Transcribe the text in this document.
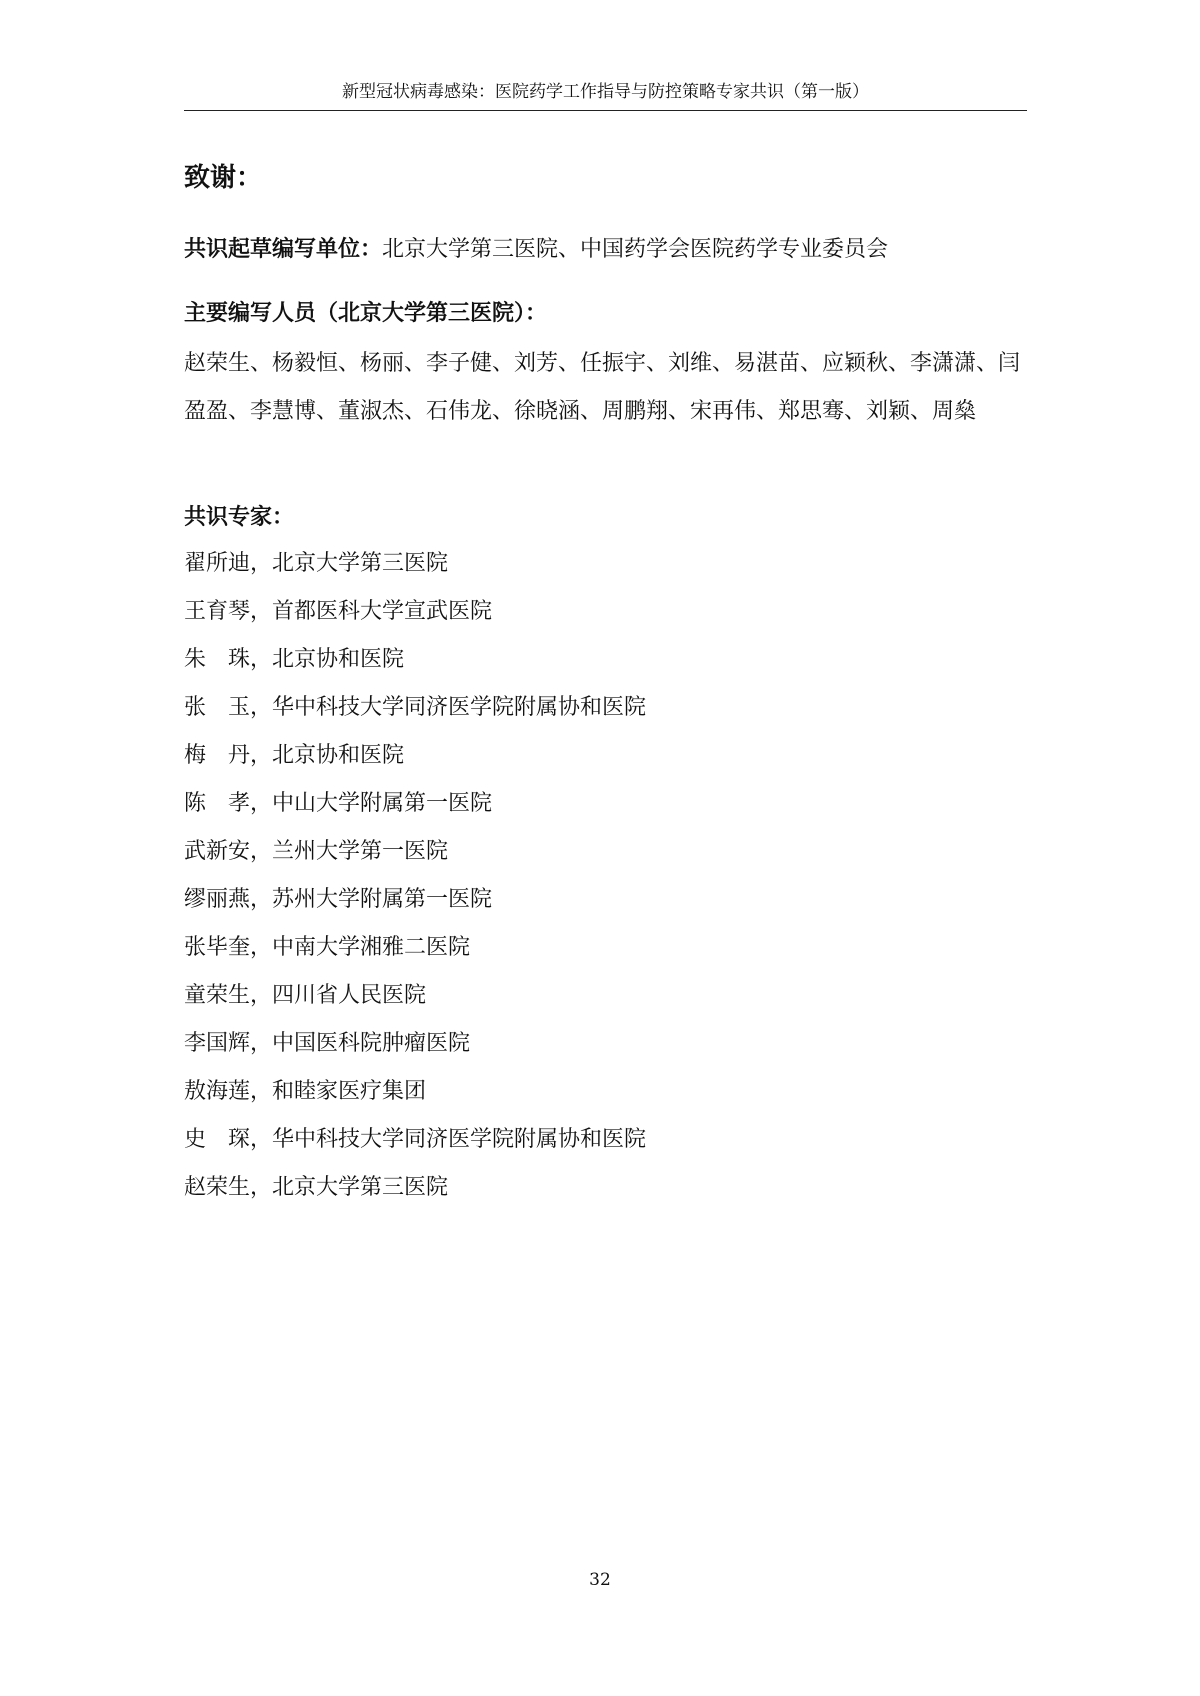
新型冠状病毒感染：医院药学工作指导与防控策略专家共识（第一版）
致谢：
共识起草编写单位：北京大学第三医院、中国药学会医院药学专业委员会
主要编写人员（北京大学第三医院）：
赵荣生、杨毅恒、杨丽、李子健、刘芳、任振宇、刘维、易湛苗、应颖秋、李潇潇、闫盈盈、李慧博、董淑杰、石伟龙、徐晓涵、周鹏翔、宋再伟、郑思骞、刘颖、周燊
共识专家：
翟所迪，北京大学第三医院
王育琴，首都医科大学宣武医院
朱　珠，北京协和医院
张　玉，华中科技大学同济医学院附属协和医院
梅　丹，北京协和医院
陈　孝，中山大学附属第一医院
武新安，兰州大学第一医院
缪丽燕，苏州大学附属第一医院
张毕奎，中南大学湘雅二医院
童荣生，四川省人民医院
李国辉，中国医科院肿瘤医院
敖海莲，和睦家医疗集团
史　琛，华中科技大学同济医学院附属协和医院
赵荣生，北京大学第三医院
32
